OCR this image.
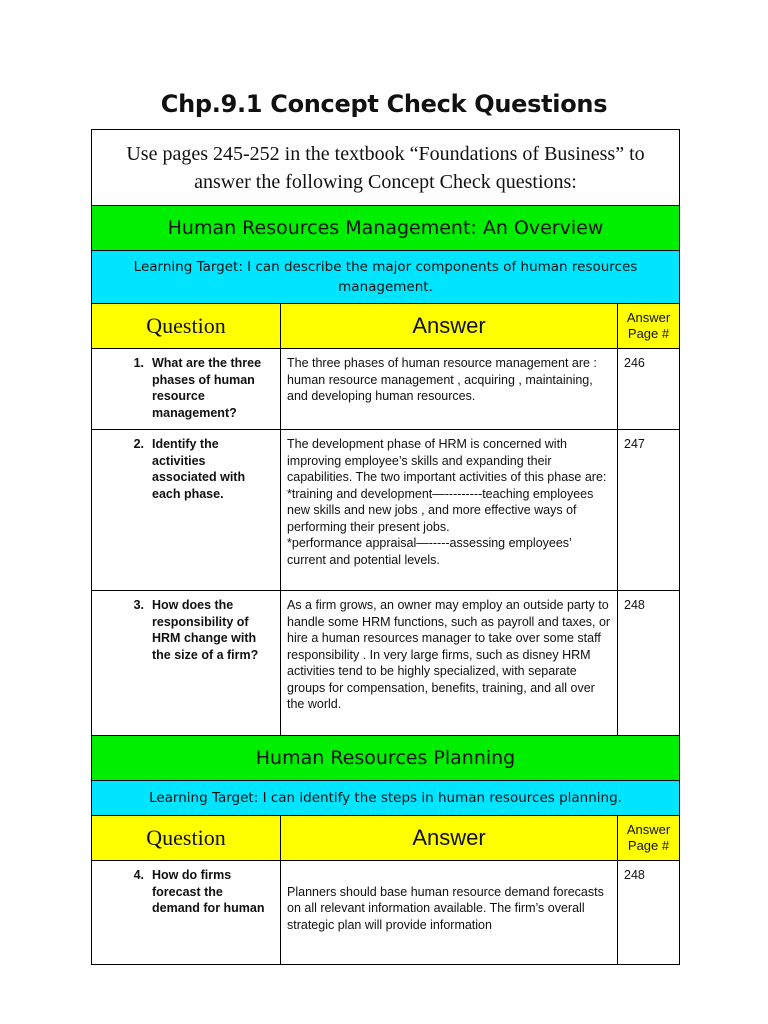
Chp.9.1 Concept Check Questions
Use pages 245-252 in the textbook “Foundations of Business” to answer the following Concept Check questions:		
Human Resources Management: An Overview		
Learning Target: I can describe the major components of human resources management.		
Question	Answer	Answer Page #

1. What are the three phases of human resource management?	The three phases of human resource management are : human resource management , acquiring , maintaining, and developing human resources.	246

2. Identify the activities associated with each phase.	The development phase of HRM is concerned with improving employee’s skills and expanding their capabilities. The two important activities of this phase are:
*training and development—---------teaching employees new skills and new jobs , and more effective ways of performing their present jobs.
*performance appraisal—-----assessing employees’ current and potential levels.	247

3. How does the responsibility of HRM change with the size of a firm?	As a firm grows, an owner may employ an outside party to handle some HRM functions, such as payroll and taxes, or hire a human resources manager to take over some staff responsibility . In very large firms, such as disney HRM activities tend to be highly specialized, with separate groups for compensation, benefits, training, and all over the world.	248
Human Resources Planning		
Learning Target: I can identify the steps in human resources planning.		
Question	Answer	Answer Page #

4. How do firms forecast the demand for human	Planners should base human resource demand forecasts on all relevant information available. The firm’s overall strategic plan will provide information	248
